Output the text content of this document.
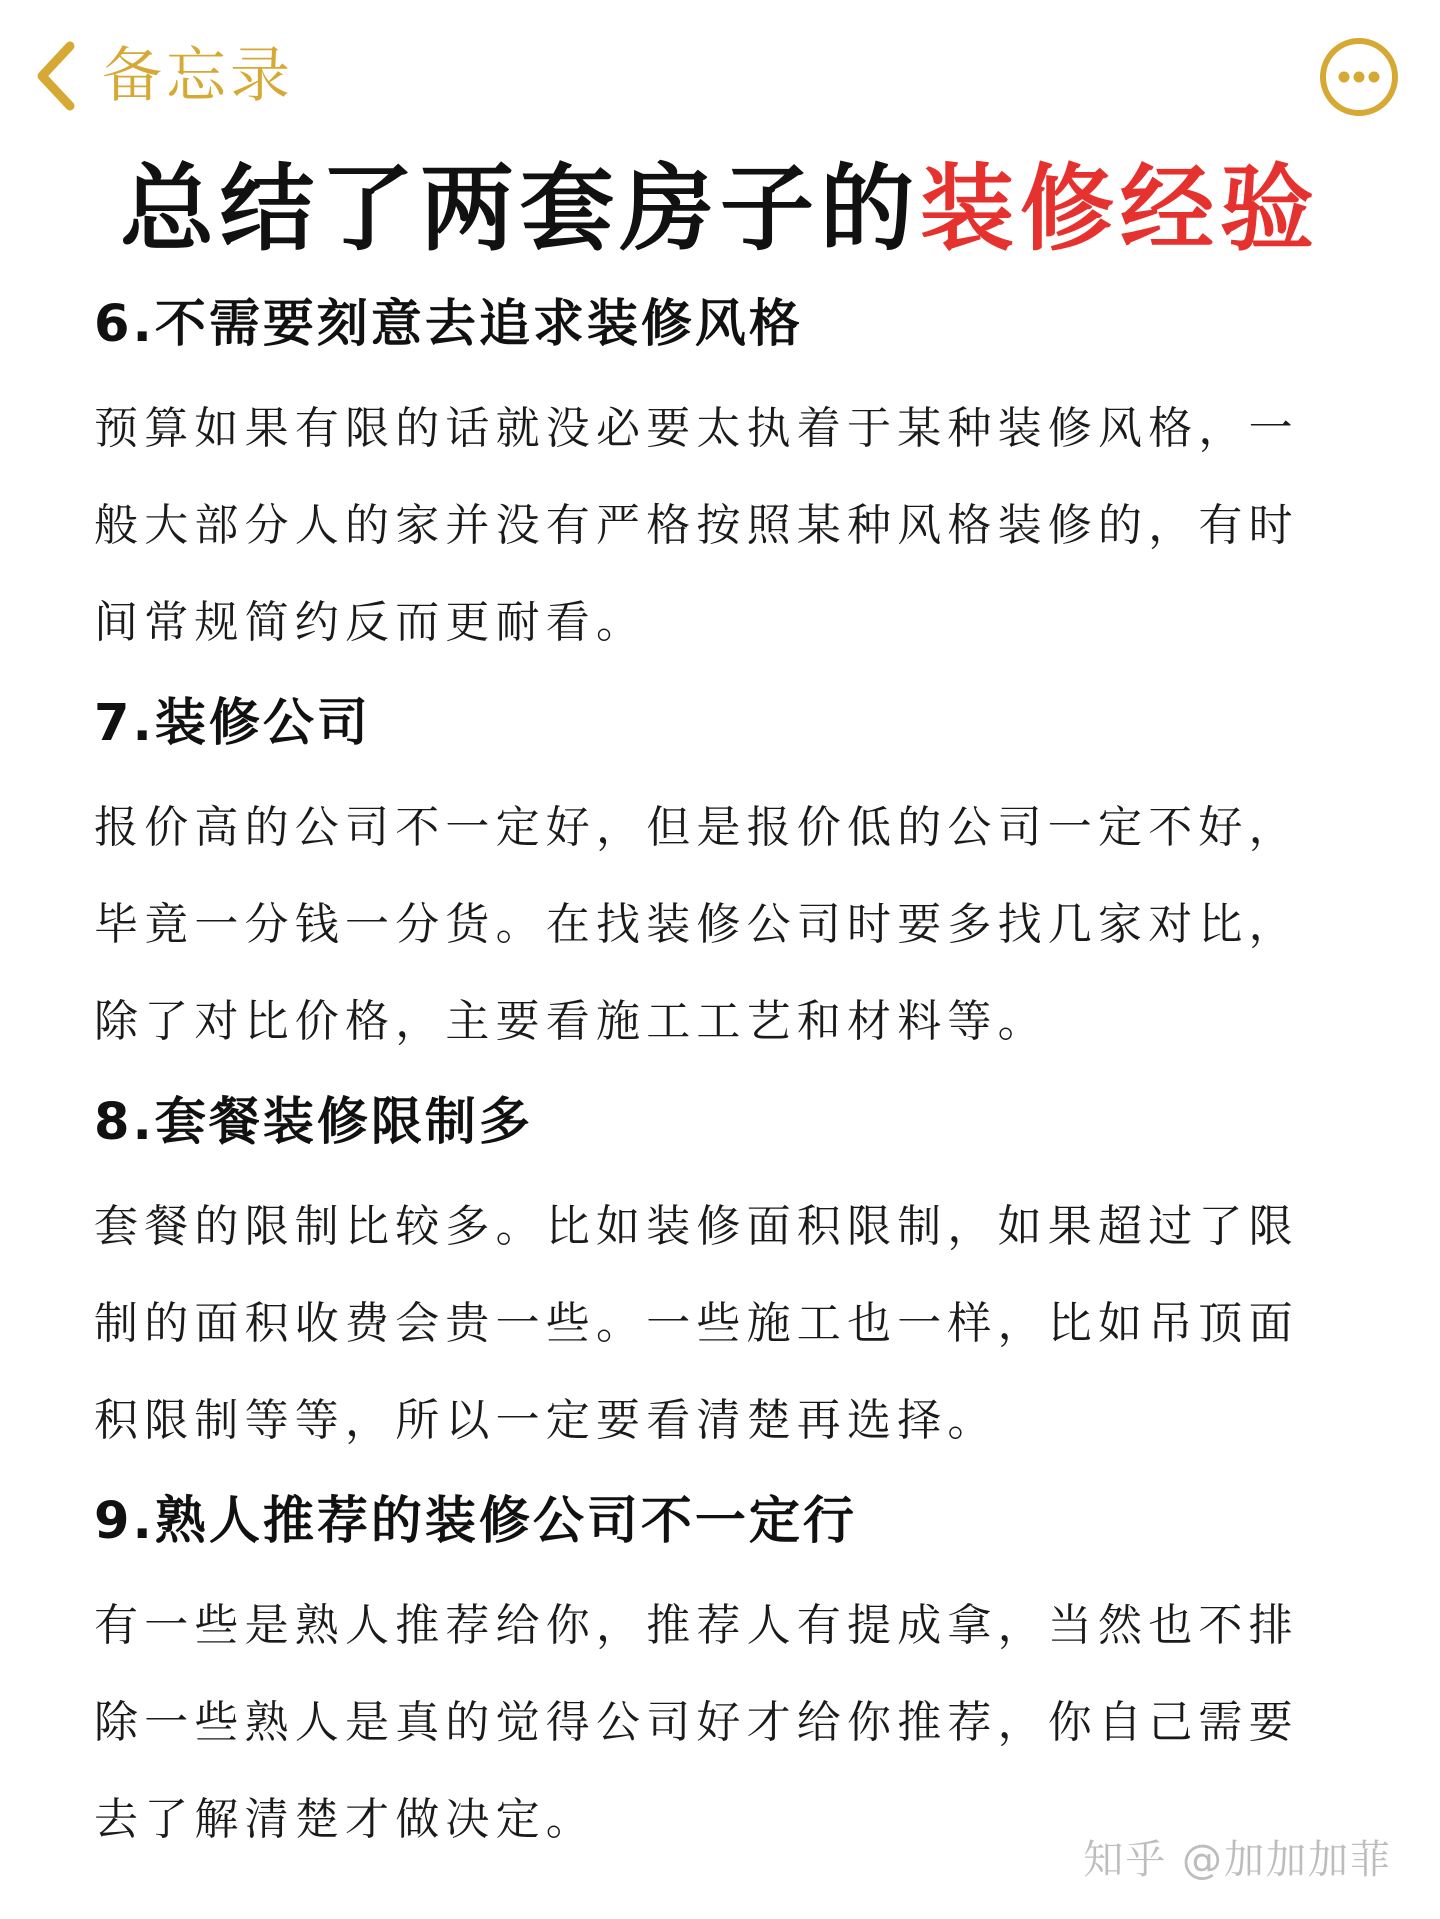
备忘录
总结了两套房子的装修经验
6.不需要刻意去追求装修风格
预算如果有限的话就没必要太执着于某种装修风格，一
般大部分人的家并没有严格按照某种风格装修的，有时
间常规简约反而更耐看。
7.装修公司
报价高的公司不一定好，但是报价低的公司一定不好，
毕竟一分钱一分货。在找装修公司时要多找几家对比，
除了对比价格，主要看施工工艺和材料等。
8.套餐装修限制多
套餐的限制比较多。比如装修面积限制，如果超过了限
制的面积收费会贵一些。一些施工也一样，比如吊顶面
积限制等等，所以一定要看清楚再选择。
9.熟人推荐的装修公司不一定行
有一些是熟人推荐给你，推荐人有提成拿，当然也不排
除一些熟人是真的觉得公司好才给你推荐，你自己需要
去了解清楚才做决定。
知乎 @加加加菲
